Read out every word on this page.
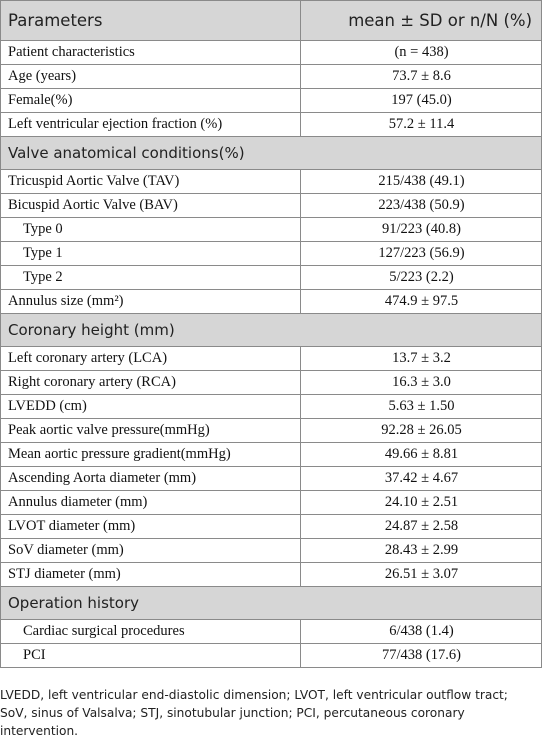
Parameters	mean ± SD or n/N (%)
Patient characteristics	(n = 438)
Age (years)	73.7 ± 8.6
Female(%)	197 (45.0)
Left ventricular ejection fraction (%)	57.2 ± 11.4
Valve anatomical conditions(%)	
Tricuspid Aortic Valve (TAV)	215/438 (49.1)
Bicuspid Aortic Valve (BAV)	223/438 (50.9)
Type 0	91/223 (40.8)
Type 1	127/223 (56.9)
Type 2	5/223 (2.2)
Annulus size (mm²)	474.9 ± 97.5
Coronary height (mm)	
Left coronary artery (LCA)	13.7 ± 3.2
Right coronary artery (RCA)	16.3 ± 3.0
LVEDD (cm)	5.63 ± 1.50
Peak aortic valve pressure(mmHg)	92.28 ± 26.05
Mean aortic pressure gradient(mmHg)	49.66 ± 8.81
Ascending Aorta diameter (mm)	37.42 ± 4.67
Annulus diameter (mm)	24.10 ± 2.51
LVOT diameter (mm)	24.87 ± 2.58
SoV diameter (mm)	28.43 ± 2.99
STJ diameter (mm)	26.51 ± 3.07
Operation history	
Cardiac surgical procedures	6/438 (1.4)
PCI	77/438 (17.6)
LVEDD, left ventricular end-diastolic dimension; LVOT, left ventricular outflow tract; SoV, sinus of Valsalva; STJ, sinotubular junction; PCI, percutaneous coronary intervention.
